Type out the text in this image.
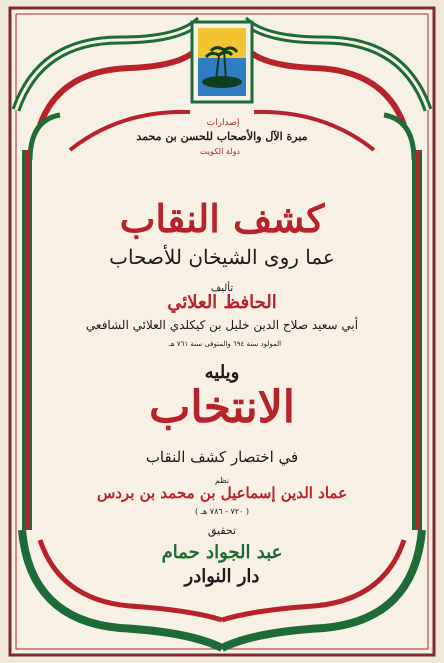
إصدارات
مبرة الآل والأصحاب للحسن بن محمد
دولة الكويت
كشف النقاب
عما روى الشيخان للأصحاب
تأليف
الحافظ العلائي
أبي سعيد صلاح الدين خليل بن كيكلدي العلائي الشافعي
المولود سنة ٦٩٤ والمتوفى سنة ٧٦١ هـ
ويليه
الانتخاب
في اختصار كشف النقاب
نظم
عماد الدين إسماعيل بن محمد بن بردس
( ٧٢٠ - ٧٨٦ هـ )
تحقيق
عبد الجواد حمام
دار النوادر
